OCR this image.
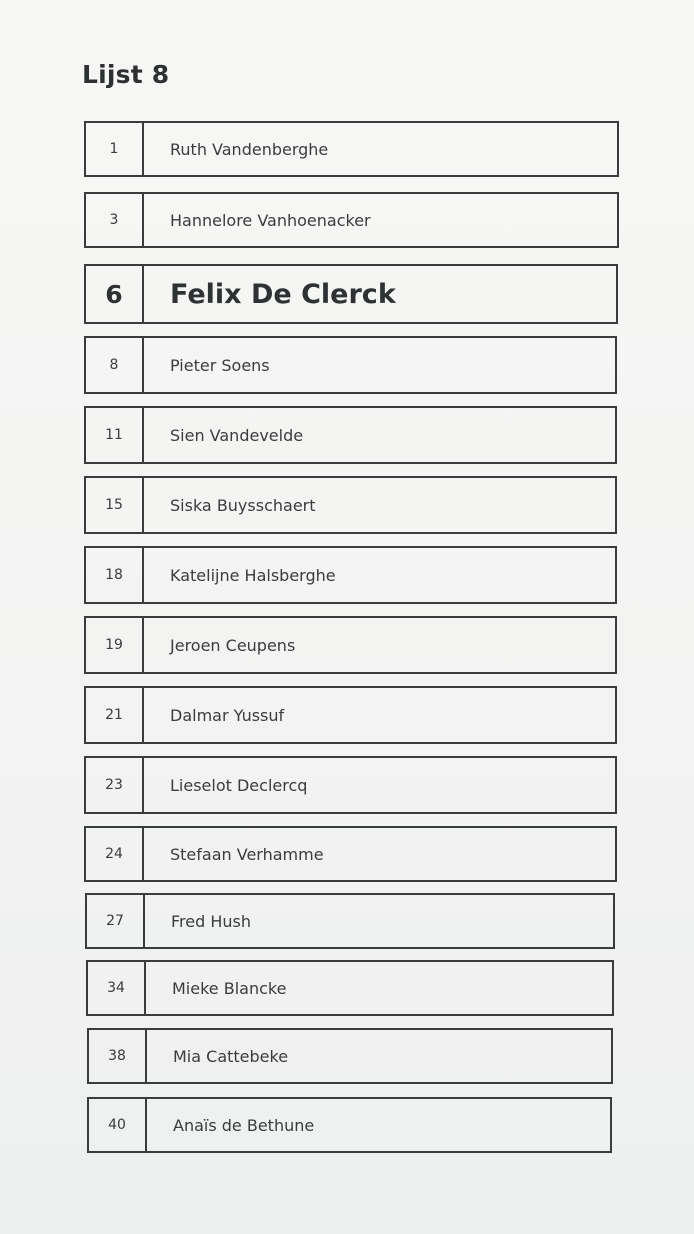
Lijst 8
1	Ruth Vandenberghe
3	Hannelore Vanhoenacker
6	Felix De Clerck
8	Pieter Soens
11	Sien Vandevelde
15	Siska Buysschaert
18	Katelijne Halsberghe
19	Jeroen Ceupens
21	Dalmar Yussuf
23	Lieselot Declercq
24	Stefaan Verhamme
27	Fred Hush
34	Mieke Blancke
38	Mia Cattebeke
40	Anaïs de Bethune
